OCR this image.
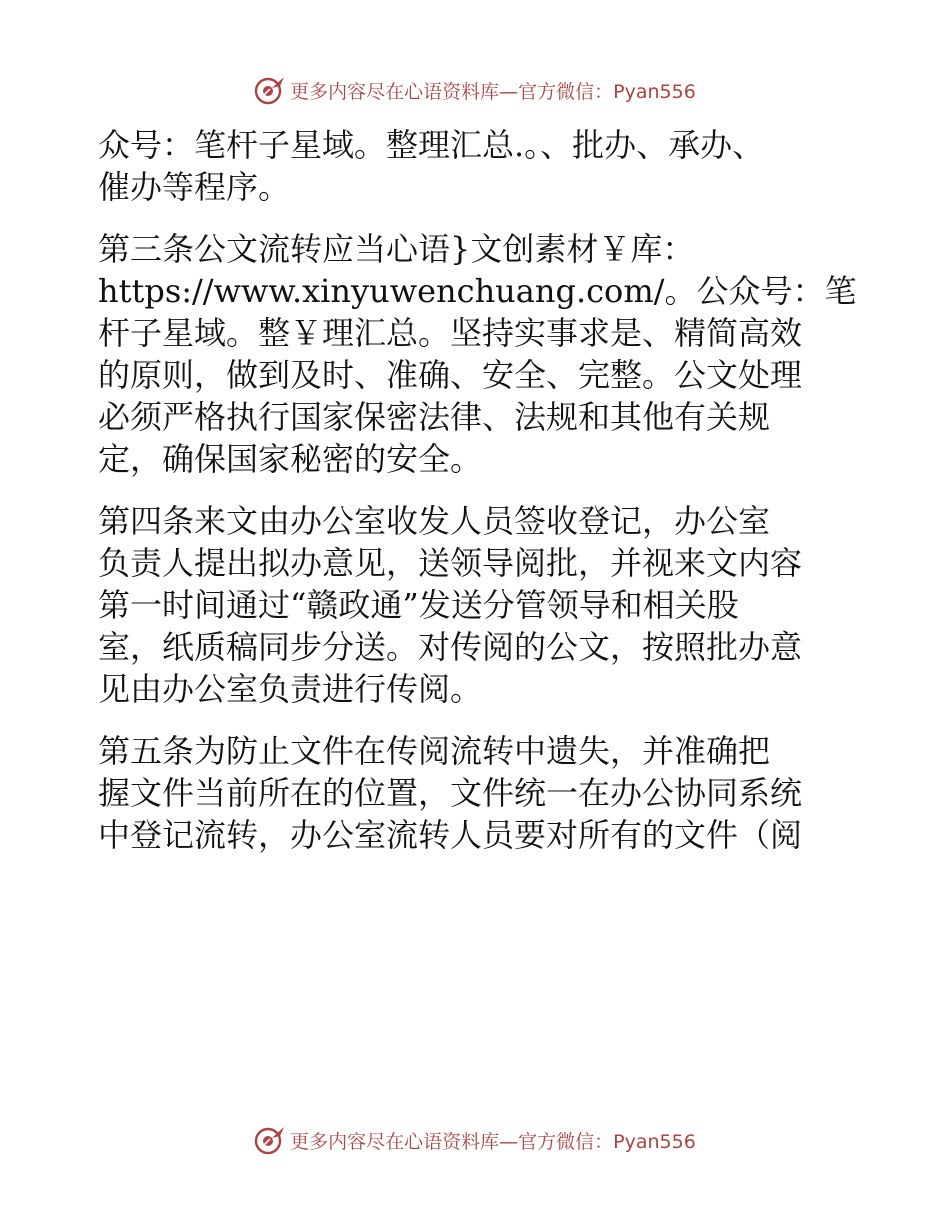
更多内容尽在心语资料库—官方微信：Pyan556
众号：笔杆子星域。整理汇总.。、批办、承办、
催办等程序。
第三条公文流转应当心语}文创素材￥库：
https://www.xinyuwenchuang.com/。公众号：笔
杆子星域。整￥理汇总。坚持实事求是、精简高效
的原则，做到及时、准确、安全、完整。公文处理
必须严格执行国家保密法律、法规和其他有关规
定，确保国家秘密的安全。
第四条来文由办公室收发人员签收登记，办公室
负责人提出拟办意见，送领导阅批，并视来文内容
第一时间通过“赣政通”发送分管领导和相关股
室，纸质稿同步分送。对传阅的公文，按照批办意
见由办公室负责进行传阅。
第五条为防止文件在传阅流转中遗失，并准确把
握文件当前所在的位置，文件统一在办公协同系统
中登记流转，办公室流转人员要对所有的文件（阅
更多内容尽在心语资料库—官方微信：Pyan556
